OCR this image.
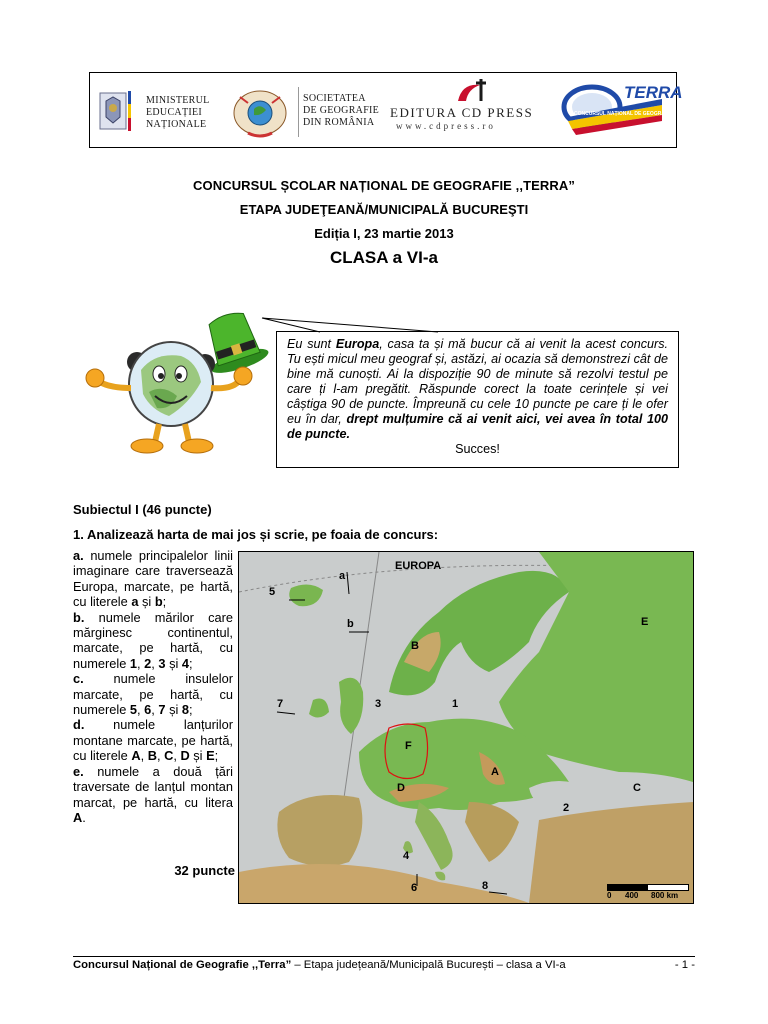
MINISTERUL
EDUCAȚIEI
NAȚIONALE
SOCIETATEA
DE GEOGRAFIE
DIN ROMÂNIA
EDITURA CD PRESS
www.cdpress.ro
TERRA
CONCURSUL NAȚIONAL DE GEOGRAFIE
CONCURSUL ȘCOLAR NAȚIONAL DE GEOGRAFIE ,,TERRA”
ETAPA JUDEŢEANĂ/MUNICIPALĂ BUCUREŞTI
Ediția I, 23 martie 2013
CLASA a VI-a
Eu sunt Europa, casa ta și mă bucur că ai venit la acest concurs. Tu ești micul meu geograf și, astăzi, ai ocazia să demonstrezi cât de bine mă cunoști. Ai la dispoziție 90 de minute să rezolvi testul pe care ți l-am pregătit. Răspunde corect la toate cerințele și vei câștiga 90 de puncte. Împreună cu cele 10 puncte pe care ți le ofer eu în dar, drept mulțumire că ai venit aici, vei avea în total 100 de puncte.
Succes!
Subiectul I (46 puncte)
1. Analizează harta de mai jos și scrie, pe foaia de concurs:

a. numele principalelor linii imaginare care traversează Europa, marcate, pe hartă, cu literele a și b;

b. numele mărilor care mărginesc continentul, marcate, pe hartă, cu numerele 1, 2, 3 și 4;

c. numele insulelor marcate, pe hartă, cu numerele 5, 6, 7 și 8;

d. numele lanțurilor montane marcate, pe hartă, cu literele A, B, C, D și E;

e. numele a două țări traversate de lanțul montan marcat, pe hartă, cu litera A.

32 puncte
EUROPA
a
b
1
2
3
4
5
6
7
8
A
B
C
D
E
F
0 400 800 km
Concursul Național de Geografie ,,Terra” – Etapa județeană/Municipală București – clasa a VI-a	- 1 -
